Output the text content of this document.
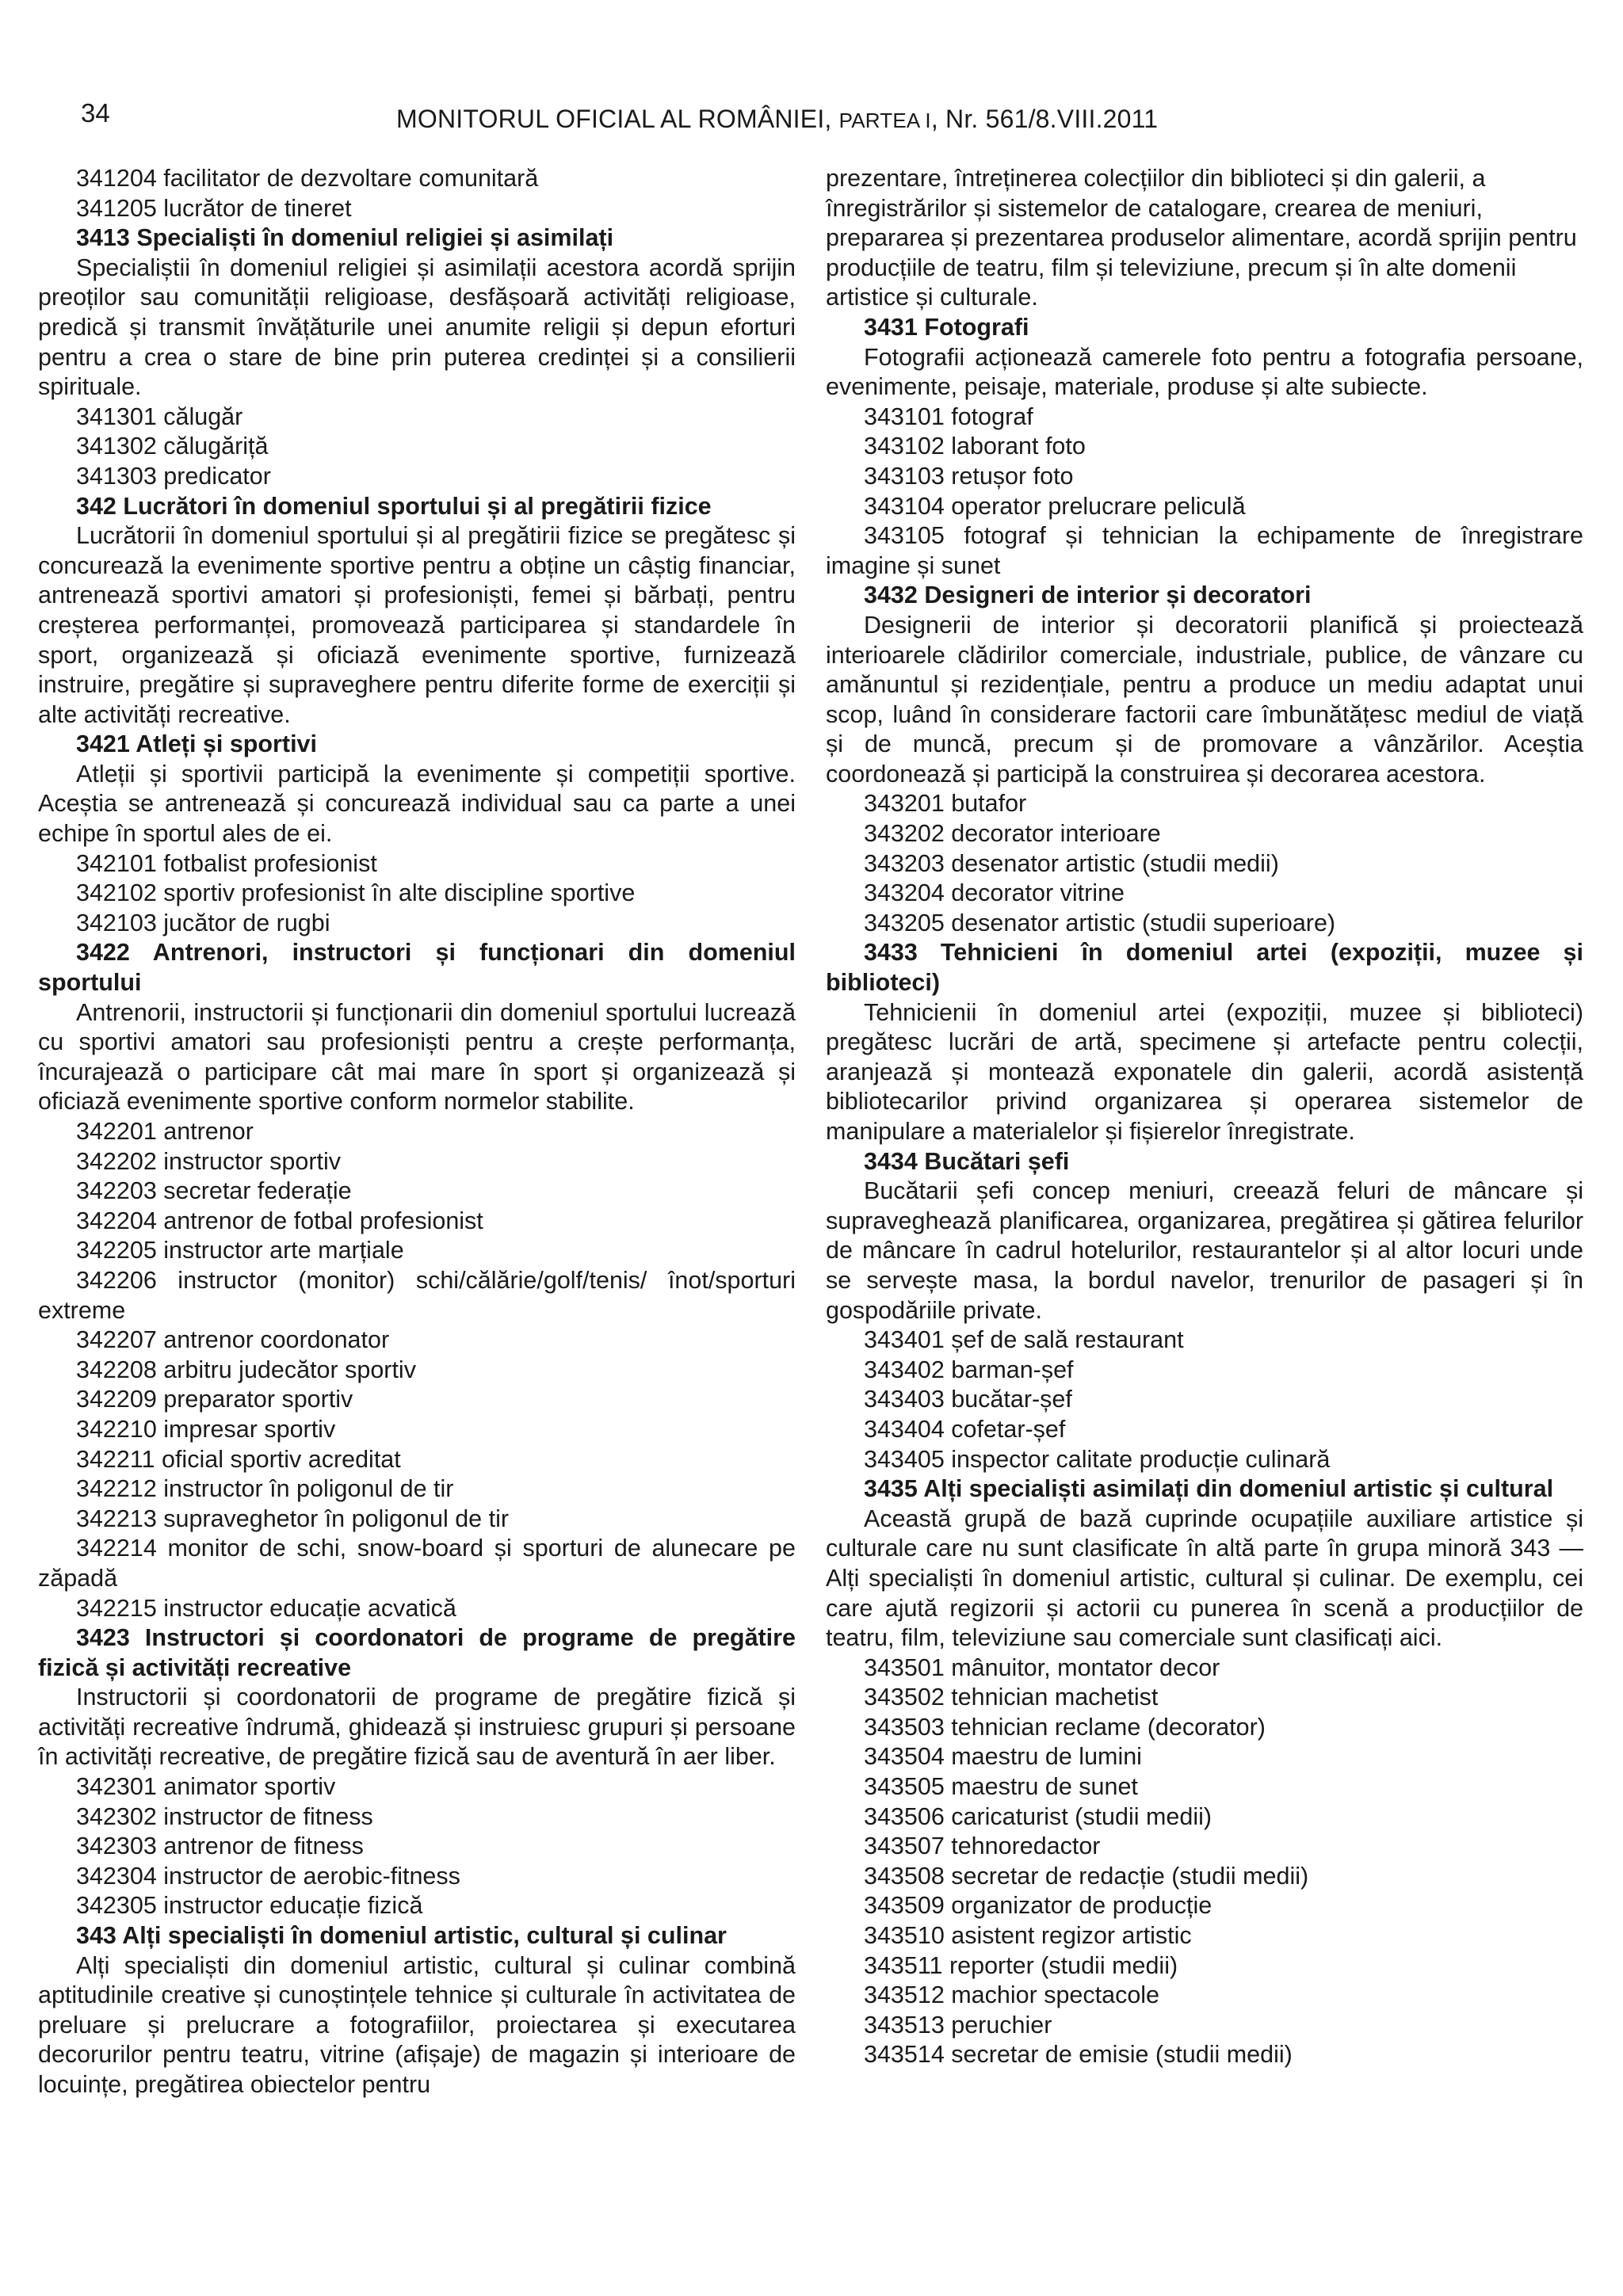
34	MONITORUL OFICIAL AL ROMÂNIEI, PARTEA I, Nr. 561/8.VIII.2011
341204 facilitator de dezvoltare comunitară
341205 lucrător de tineret
3413 Specialiști în domeniul religiei și asimilați
Specialiștii în domeniul religiei și asimilații acestora acordă sprijin preoților sau comunității religioase, desfășoară activități religioase, predică și transmit învățăturile unei anumite religii și depun eforturi pentru a crea o stare de bine prin puterea credinței și a consilierii spirituale.
341301 călugăr
341302 călugăriță
341303 predicator
342 Lucrători în domeniul sportului și al pregătirii fizice
Lucrătorii în domeniul sportului și al pregătirii fizice se pregătesc și concurează la evenimente sportive pentru a obține un câștig financiar, antrenează sportivi amatori și profesioniști, femei și bărbați, pentru creșterea performanței, promovează participarea și standardele în sport, organizează și oficiază evenimente sportive, furnizează instruire, pregătire și supraveghere pentru diferite forme de exerciții și alte activități recreative.
3421 Atleți și sportivi
Atleții și sportivii participă la evenimente și competiții sportive. Aceștia se antrenează și concurează individual sau ca parte a unei echipe în sportul ales de ei.
342101 fotbalist profesionist
342102 sportiv profesionist în alte discipline sportive
342103 jucător de rugbi
3422 Antrenori, instructori și funcționari din domeniul sportului
Antrenorii, instructorii și funcționarii din domeniul sportului lucrează cu sportivi amatori sau profesioniști pentru a crește performanța, încurajează o participare cât mai mare în sport și organizează și oficiază evenimente sportive conform normelor stabilite.
342201 antrenor
342202 instructor sportiv
342203 secretar federație
342204 antrenor de fotbal profesionist
342205 instructor arte marțiale
342206 instructor (monitor) schi/călărie/golf/tenis/ înot/sporturi extreme
342207 antrenor coordonator
342208 arbitru judecător sportiv
342209 preparator sportiv
342210 impresar sportiv
342211 oficial sportiv acreditat
342212 instructor în poligonul de tir
342213 supraveghetor în poligonul de tir
342214 monitor de schi, snow-board și sporturi de alunecare pe zăpadă
342215 instructor educație acvatică
3423 Instructori și coordonatori de programe de pregătire fizică și activități recreative
Instructorii și coordonatorii de programe de pregătire fizică și activități recreative îndrumă, ghidează și instruiesc grupuri și persoane în activități recreative, de pregătire fizică sau de aventură în aer liber.
342301 animator sportiv
342302 instructor de fitness
342303 antrenor de fitness
342304 instructor de aerobic-fitness
342305 instructor educație fizică
343 Alți specialiști în domeniul artistic, cultural și culinar
Alți specialiști din domeniul artistic, cultural și culinar combină aptitudinile creative și cunoștințele tehnice și culturale în activitatea de preluare și prelucrare a fotografiilor, proiectarea și executarea decorurilor pentru teatru, vitrine (afișaje) de magazin și interioare de locuințe, pregătirea obiectelor pentru
prezentare, întreținerea colecțiilor din biblioteci și din galerii, a înregistrărilor și sistemelor de catalogare, crearea de meniuri, prepararea și prezentarea produselor alimentare, acordă sprijin pentru producțiile de teatru, film și televiziune, precum și în alte domenii artistice și culturale.
3431 Fotografi
Fotografii acționează camerele foto pentru a fotografia persoane, evenimente, peisaje, materiale, produse și alte subiecte.
343101 fotograf
343102 laborant foto
343103 retușor foto
343104 operator prelucrare peliculă
343105 fotograf și tehnician la echipamente de înregistrare imagine și sunet
3432 Designeri de interior și decoratori
Designerii de interior și decoratorii planifică și proiectează interioarele clădirilor comerciale, industriale, publice, de vânzare cu amănuntul și rezidențiale, pentru a produce un mediu adaptat unui scop, luând în considerare factorii care îmbunătățesc mediul de viață și de muncă, precum și de promovare a vânzărilor. Aceștia coordonează și participă la construirea și decorarea acestora.
343201 butafor
343202 decorator interioare
343203 desenator artistic (studii medii)
343204 decorator vitrine
343205 desenator artistic (studii superioare)
3433 Tehnicieni în domeniul artei (expoziții, muzee și biblioteci)
Tehnicienii în domeniul artei (expoziții, muzee și biblioteci) pregătesc lucrări de artă, specimene și artefacte pentru colecții, aranjează și montează exponatele din galerii, acordă asistență bibliotecarilor privind organizarea și operarea sistemelor de manipulare a materialelor și fișierelor înregistrate.
3434 Bucătari șefi
Bucătarii șefi concep meniuri, creează feluri de mâncare și supraveghează planificarea, organizarea, pregătirea și gătirea felurilor de mâncare în cadrul hotelurilor, restaurantelor și al altor locuri unde se servește masa, la bordul navelor, trenurilor de pasageri și în gospodăriile private.
343401 șef de sală restaurant
343402 barman-șef
343403 bucătar-șef
343404 cofetar-șef
343405 inspector calitate producție culinară
3435 Alți specialiști asimilați din domeniul artistic și cultural
Această grupă de bază cuprinde ocupațiile auxiliare artistice și culturale care nu sunt clasificate în altă parte în grupa minoră 343 — Alți specialiști în domeniul artistic, cultural și culinar. De exemplu, cei care ajută regizorii și actorii cu punerea în scenă a producțiilor de teatru, film, televiziune sau comerciale sunt clasificați aici.
343501 mânuitor, montator decor
343502 tehnician machetist
343503 tehnician reclame (decorator)
343504 maestru de lumini
343505 maestru de sunet
343506 caricaturist (studii medii)
343507 tehnoredactor
343508 secretar de redacție (studii medii)
343509 organizator de producție
343510 asistent regizor artistic
343511 reporter (studii medii)
343512 machior spectacole
343513 peruchier
343514 secretar de emisie (studii medii)
